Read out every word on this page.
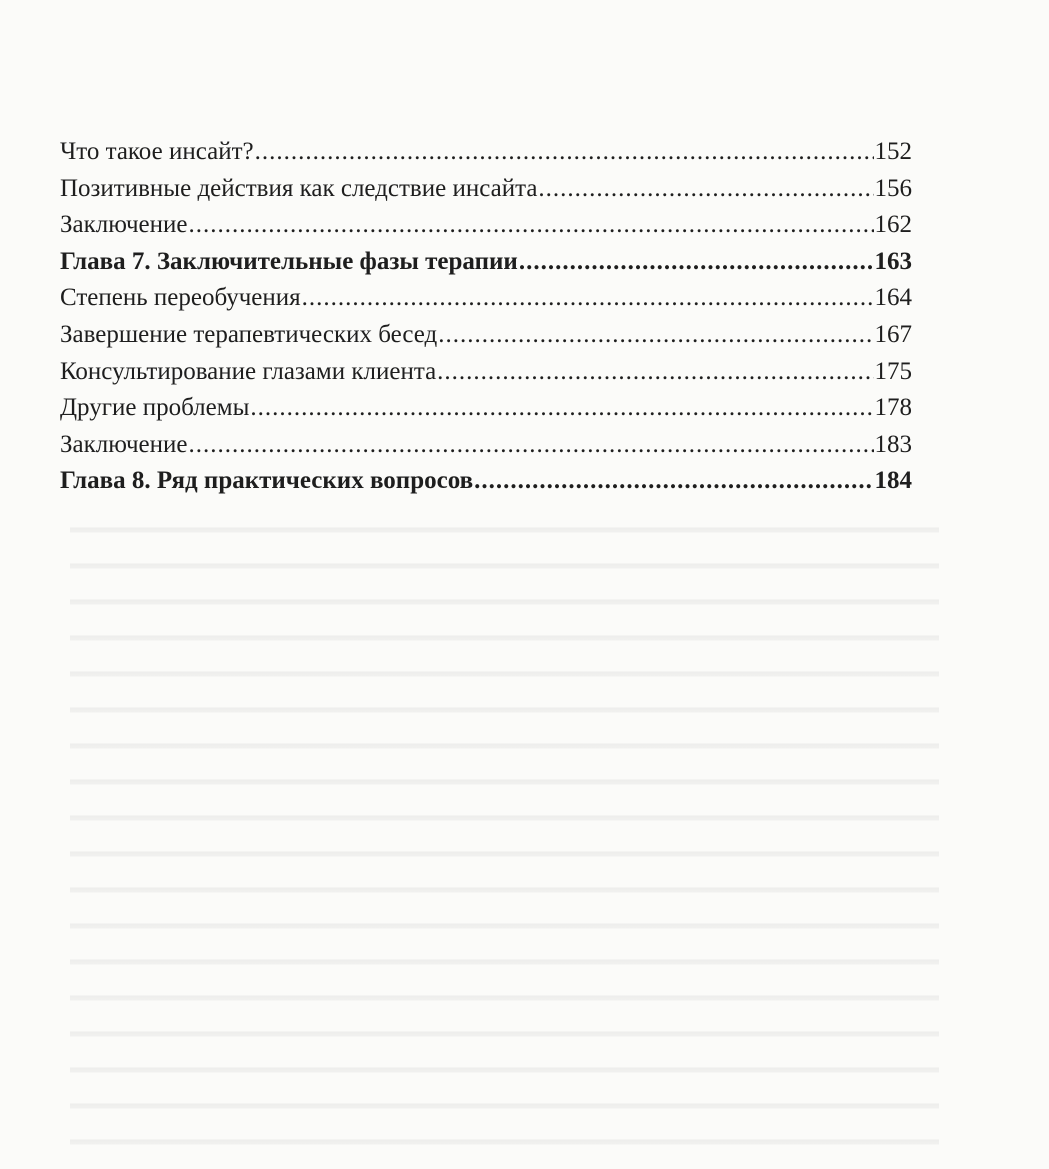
Что такое инсайт? .....	152
Позитивные действия как следствие инсайта .....	156
Заключение .....	162
Глава 7. Заключительные фазы терапии .....	163
Степень переобучения .....	164
Завершение терапевтических бесед .....	167
Консультирование глазами клиента .....	175
Другие проблемы .....	178
Заключение .....	183
Глава 8. Ряд практических вопросов .....	184
